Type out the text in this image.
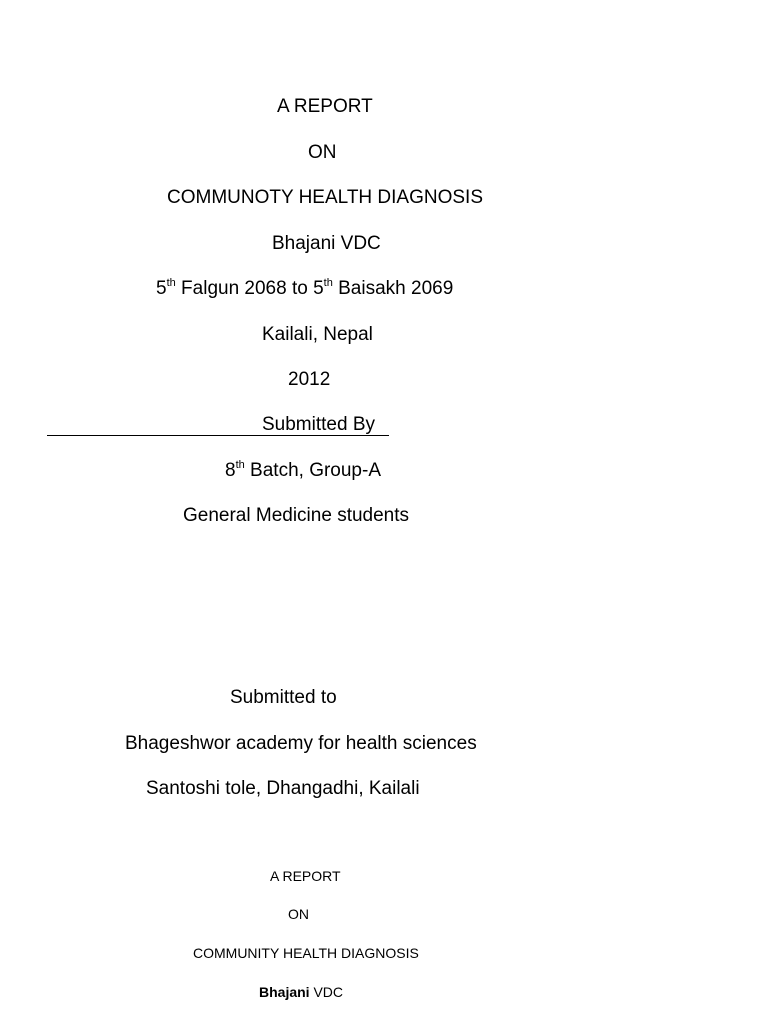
A REPORT
ON
COMMUNOTY HEALTH DIAGNOSIS
Bhajani VDC
5th Falgun 2068 to 5th Baisakh 2069
Kailali, Nepal
2012
Submitted By
8th Batch, Group-A
General Medicine students
Submitted to
Bhageshwor academy for health sciences
Santoshi tole, Dhangadhi, Kailali
A REPORT
ON
COMMUNITY HEALTH DIAGNOSIS
Bhajani VDC
